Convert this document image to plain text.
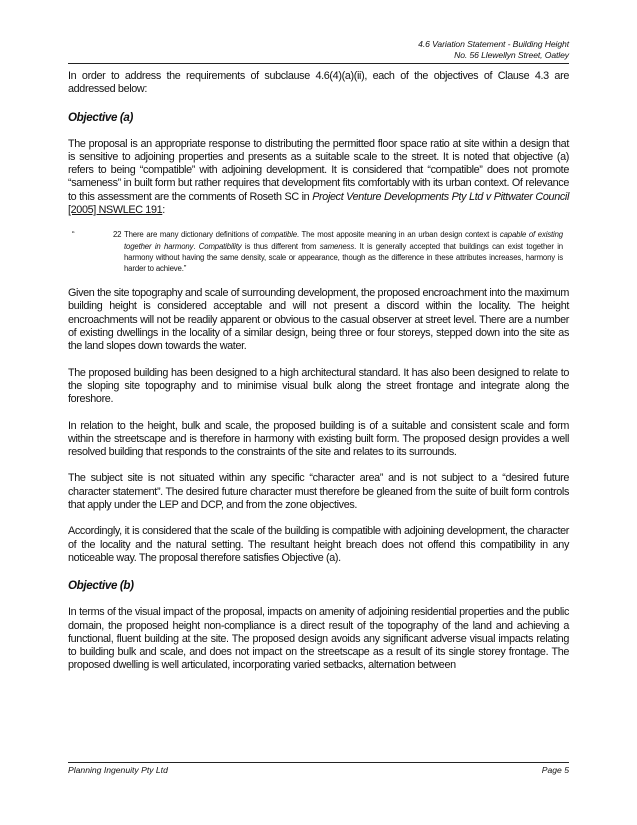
4.6 Variation Statement - Building Height
No. 56 Llewellyn Street, Oatley

In order to address the requirements of subclause 4.6(4)(a)(ii), each of the objectives of Clause 4.3 are addressed below:

Objective (a)

The proposal is an appropriate response to distributing the permitted floor space ratio at site within a design that is sensitive to adjoining properties and presents as a suitable scale to the street. It is noted that objective (a) refers to being “compatible” with adjoining development. It is considered that “compatible” does not promote “sameness” in built form but rather requires that development fits comfortably with its urban context. Of relevance to this assessment are the comments of Roseth SC in Project Venture Developments Pty Ltd v Pittwater Council [2005] NSWLEC 191:

“	22 There are many dictionary definitions of compatible. The most apposite meaning in an urban design context is capable of existing together in harmony. Compatibility is thus different from sameness. It is generally accepted that buildings can exist together in harmony without having the same density, scale or appearance, though as the difference in these attributes increases, harmony is harder to achieve.”

Given the site topography and scale of surrounding development, the proposed encroachment into the maximum building height is considered acceptable and will not present a discord within the locality. The height encroachments will not be readily apparent or obvious to the casual observer at street level. There are a number of existing dwellings in the locality of a similar design, being three or four storeys, stepped down into the site as the land slopes down towards the water.

The proposed building has been designed to a high architectural standard. It has also been designed to relate to the sloping site topography and to minimise visual bulk along the street frontage and integrate along the foreshore.

In relation to the height, bulk and scale, the proposed building is of a suitable and consistent scale and form within the streetscape and is therefore in harmony with existing built form. The proposed design provides a well resolved building that responds to the constraints of the site and relates to its surrounds.

The subject site is not situated within any specific “character area” and is not subject to a “desired future character statement”. The desired future character must therefore be gleaned from the suite of built form controls that apply under the LEP and DCP, and from the zone objectives.

Accordingly, it is considered that the scale of the building is compatible with adjoining development, the character of the locality and the natural setting. The resultant height breach does not offend this compatibility in any noticeable way. The proposal therefore satisfies Objective (a).

Objective (b)

In terms of the visual impact of the proposal, impacts on amenity of adjoining residential properties and the public domain, the proposed height non-compliance is a direct result of the topography of the land and achieving a functional, fluent building at the site. The proposed design avoids any significant adverse visual impacts relating to building bulk and scale, and does not impact on the streetscape as a result of its single storey frontage. The proposed dwelling is well articulated, incorporating varied setbacks, alternation between

Planning Ingenuity Pty Ltd	Page 5
